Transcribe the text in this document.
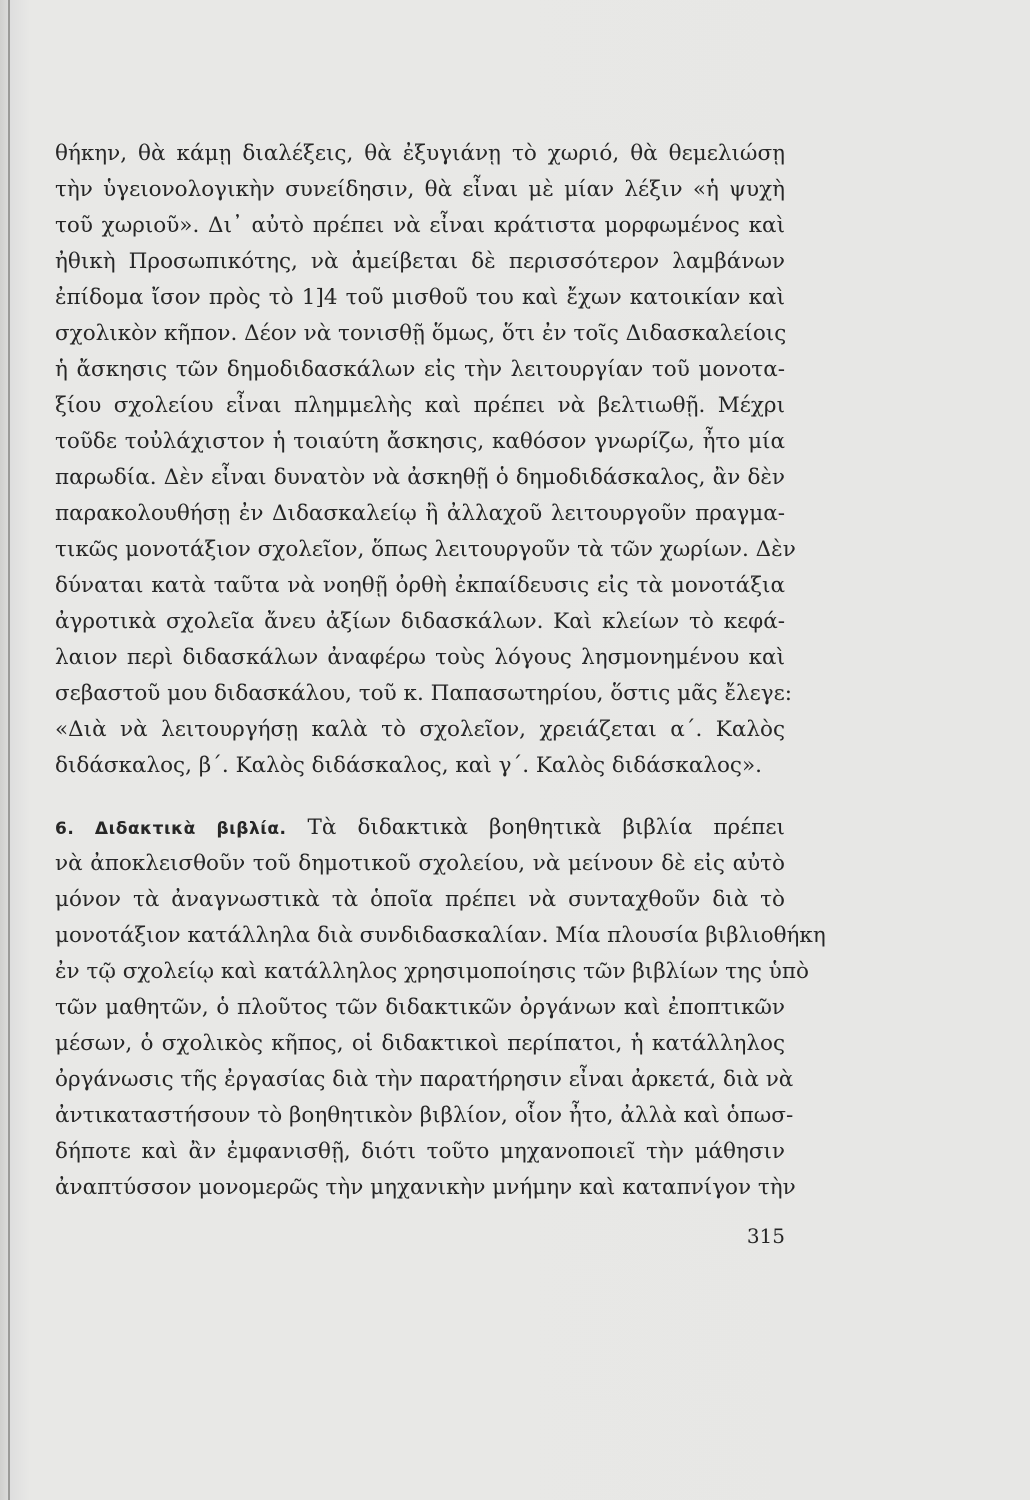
θήκην, θὰ κάμῃ διαλέξεις, θὰ ἐξυγιάνῃ τὸ χωριό, θὰ θεμελιώσῃ
τὴν ὑγειονολογικὴν συνείδησιν, θὰ εἶναι μὲ μίαν λέξιν «ἡ ψυχὴ
τοῦ χωριοῦ». Δι᾽ αὐτὸ πρέπει νὰ εἶναι κράτιστα μορφωμένος καὶ
ἠθικὴ Προσωπικότης, νὰ ἀμείβεται δὲ περισσότερον λαμβάνων
ἐπίδομα ἴσον πρὸς τὸ 1]4 τοῦ μισθοῦ του καὶ ἔχων κατοικίαν καὶ
σχολικὸν κῆπον. Δέον νὰ τονισθῇ ὅμως, ὅτι ἐν τοῖς Διδασκαλείοις
ἡ ἄσκησις τῶν δημοδιδασκάλων εἰς τὴν λειτουργίαν τοῦ μονοτα-
ξίου σχολείου εἶναι πλημμελὴς καὶ πρέπει νὰ βελτιωθῇ. Μέχρι
τοῦδε τοὐλάχιστον ἡ τοιαύτη ἄσκησις, καθόσον γνωρίζω, ἦτο μία
παρωδία. Δὲν εἶναι δυνατὸν νὰ ἀσκηθῇ ὁ δημοδιδάσκαλος, ἂν δὲν
παρακολουθήσῃ ἐν Διδασκαλείῳ ἢ ἀλλαχοῦ λειτουργοῦν πραγμα-
τικῶς μονοτάξιον σχολεῖον, ὅπως λειτουργοῦν τὰ τῶν χωρίων. Δὲν
δύναται κατὰ ταῦτα νὰ νοηθῇ ὀρθὴ ἐκπαίδευσις εἰς τὰ μονοτάξια
ἀγροτικὰ σχολεῖα ἄνευ ἀξίων διδασκάλων. Καὶ κλείων τὸ κεφά-
λαιον περὶ διδασκάλων ἀναφέρω τοὺς λόγους λησμονημένου καὶ
σεβαστοῦ μου διδασκάλου, τοῦ κ. Παπασωτηρίου, ὅστις μᾶς ἔλεγε:
«Διὰ νὰ λειτουργήσῃ καλὰ τὸ σχολεῖον, χρειάζεται α΄. Καλὸς
διδάσκαλος, β΄. Καλὸς διδάσκαλος, καὶ γ΄. Καλὸς διδάσκαλος».
6. Διδακτικὰ βιβλία. Τὰ διδακτικὰ βοηθητικὰ βιβλία πρέπει
νὰ ἀποκλεισθοῦν τοῦ δημοτικοῦ σχολείου, νὰ μείνουν δὲ εἰς αὐτὸ
μόνον τὰ ἀναγνωστικὰ τὰ ὁποῖα πρέπει νὰ συνταχθοῦν διὰ τὸ
μονοτάξιον κατάλληλα διὰ συνδιδασκαλίαν. Μία πλουσία βιβλιοθήκη
ἐν τῷ σχολείῳ καὶ κατάλληλος χρησιμοποίησις τῶν βιβλίων της ὑπὸ
τῶν μαθητῶν, ὁ πλοῦτος τῶν διδακτικῶν ὀργάνων καὶ ἐποπτικῶν
μέσων, ὁ σχολικὸς κῆπος, οἱ διδακτικοὶ περίπατοι, ἡ κατάλληλος
ὀργάνωσις τῆς ἐργασίας διὰ τὴν παρατήρησιν εἶναι ἀρκετά, διὰ νὰ
ἀντικαταστήσουν τὸ βοηθητικὸν βιβλίον, οἷον ἦτο, ἀλλὰ καὶ ὁπωσ-
δήποτε καὶ ἂν ἐμφανισθῇ, διότι τοῦτο μηχανοποιεῖ τὴν μάθησιν
ἀναπτύσσον μονομερῶς τὴν μηχανικὴν μνήμην καὶ καταπνίγον τὴν
315
